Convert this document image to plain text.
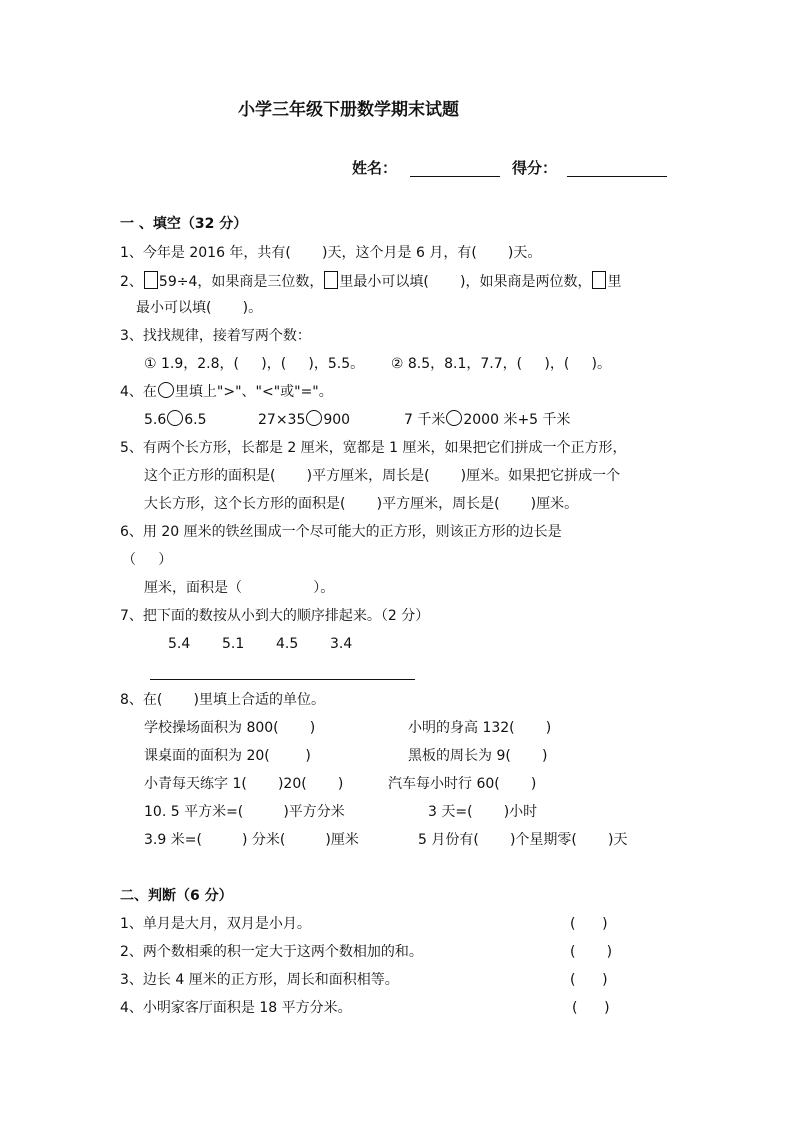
小学三年级下册数学期末试题
姓名：	得分：
一 、填空（32 分）
1、今年是 2016 年，共有(       )天，这个月是 6 月，有(       )天。
2、 59÷4，如果商是三位数， 里最小可以填(       )，如果商是两位数， 里
最小可以填(       )。
3、找找规律，接着写两个数：
① 1.9，2.8，(     )，(     )，5.5。      ② 8.5，8.1，7.7，(     )，(     )。
4、在 里填上">"、"<"或"="。
5.6 6.5	27×35 900	7 千米 2000 米+5 千米
5、有两个长方形，长都是 2 厘米，宽都是 1 厘米，如果把它们拼成一个正方形，
这个正方形的面积是(       )平方厘米，周长是(       )厘米。如果把它拼成一个
大长方形，这个长方形的面积是(       )平方厘米，周长是(       )厘米。
6、用 20 厘米的铁丝围成一个尽可能大的正方形，则该正方形的边长是
（     ）
厘米，面积是（                ）。
7、把下面的数按从小到大的顺序排起来。（2 分）
5.4 5.1 4.5 3.4
8、在(       )里填上合适的单位。
学校操场面积为 800(       )	小明的身高 132(       )
课桌面的面积为 20(        )	黑板的周长为 9(       )
小青每天练字 1(       )20(       )	汽车每小时行 60(       )
10. 5 平方米=(         )平方分米	3 天=(       )小时
3.9 米=(         ) 分米(         )厘米	5 月份有(       )个星期零(       )天
二、判断（6 分）
1、单月是大月，双月是小月。	(      )
2、两个数相乘的积一定大于这两个数相加的和。	(       )
3、边长 4 厘米的正方形，周长和面积相等。	(      )
4、小明家客厅面积是 18 平方分米。	(      )
